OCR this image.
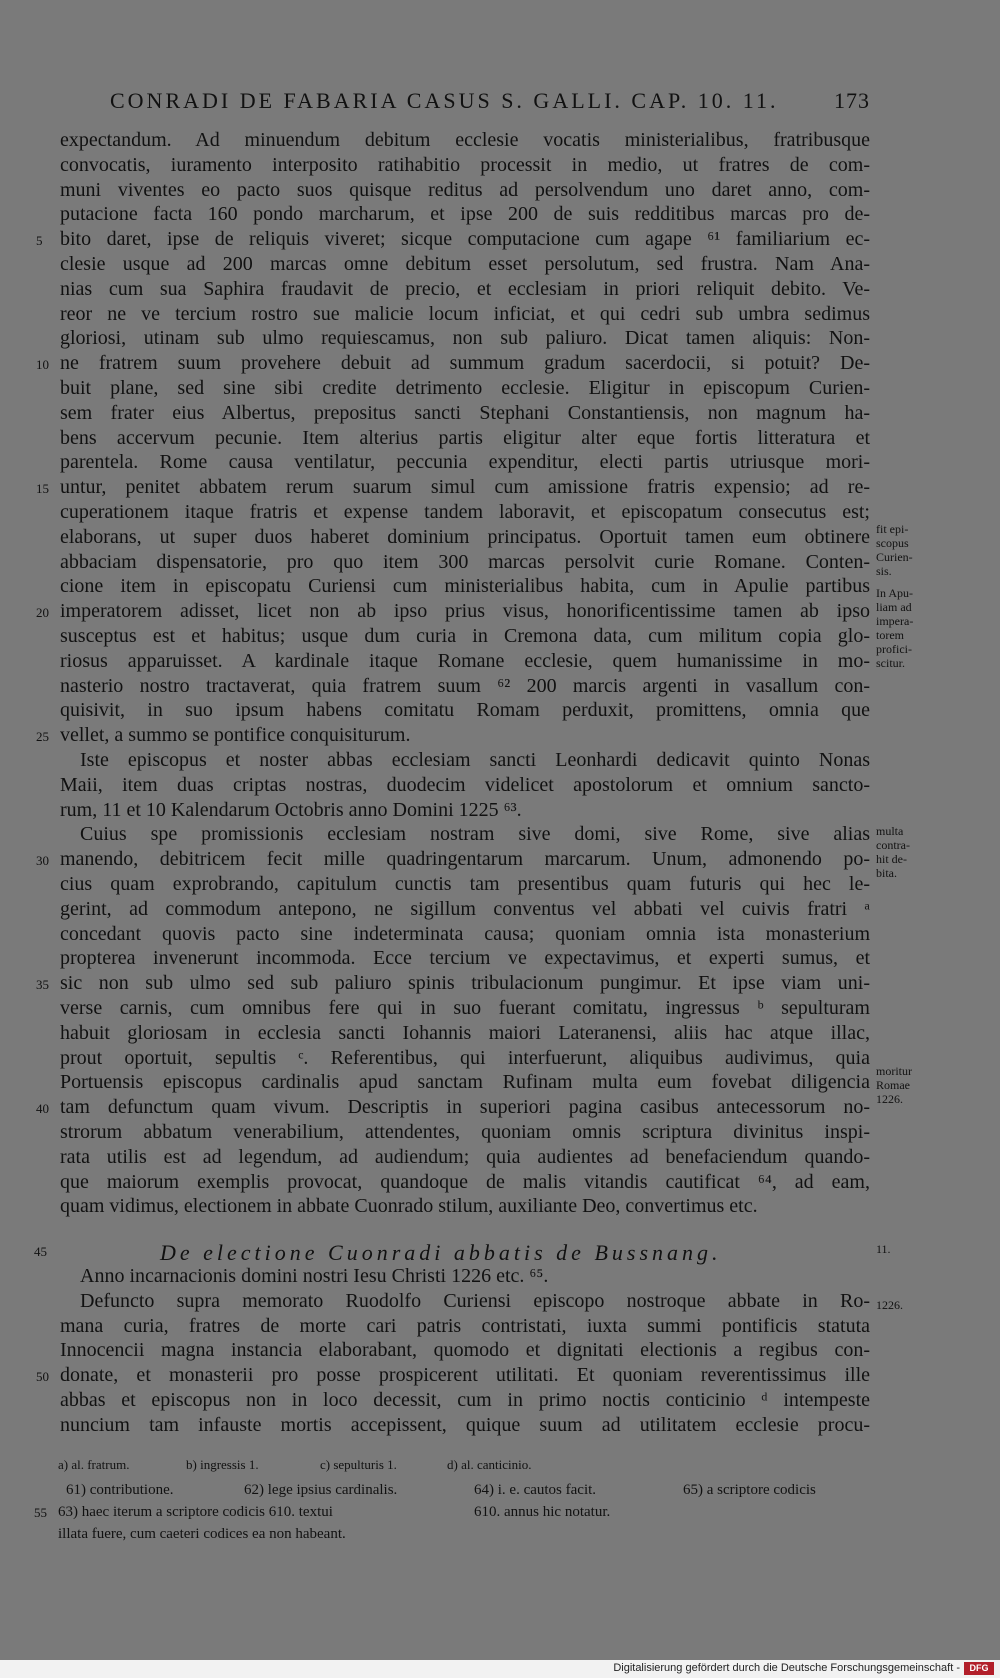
CONRADI DE FABARIA CASUS S. GALLI. CAP. 10. 11.	173
expectandum. Ad minuendum debitum ecclesie vocatis ministerialibus, fratribusque
convocatis, iuramento interposito ratihabitio processit in medio, ut fratres de com-
muni viventes eo pacto suos quisque reditus ad persolvendum uno daret anno, com-
putacione facta 160 pondo marcharum, et ipse 200 de suis redditibus marcas pro de-
5 bito daret, ipse de reliquis viveret; sicque computacione cum agape ⁶¹ familiarium ec-
clesie usque ad 200 marcas omne debitum esset persolutum, sed frustra. Nam Ana-
nias cum sua Saphira fraudavit de precio, et ecclesiam in priori reliquit debito. Ve-
reor ne ve tercium rostro sue malicie locum inficiat, et qui cedri sub umbra sedimus
gloriosi, utinam sub ulmo requiescamus, non sub paliuro. Dicat tamen aliquis: Non-
10 ne fratrem suum provehere debuit ad summum gradum sacerdocii, si potuit? De-
buit plane, sed sine sibi credite detrimento ecclesie. Eligitur in episcopum Curien-
sem frater eius Albertus, prepositus sancti Stephani Constantiensis, non magnum ha-
bens accervum pecunie. Item alterius partis eligitur alter eque fortis litteratura et
parentela. Rome causa ventilatur, peccunia expenditur, electi partis utriusque mori-
15 untur, penitet abbatem rerum suarum simul cum amissione fratris expensio; ad re-
cuperationem itaque fratris et expense tandem laboravit, et episcopatum consecutus est;
elaborans, ut super duos haberet dominium principatus. Oportuit tamen eum obtinere
abbaciam dispensatorie, pro quo item 300 marcas persolvit curie Romane. Conten-
cione item in episcopatu Curiensi cum ministerialibus habita, cum in Apulie partibus
20 imperatorem adisset, licet non ab ipso prius visus, honorificentissime tamen ab ipso
susceptus est et habitus; usque dum curia in Cremona data, cum militum copia glo-
riosus apparuisset. A kardinale itaque Romane ecclesie, quem humanissime in mo-
nasterio nostro tractaverat, quia fratrem suum ⁶² 200 marcis argenti in vasallum con-
quisivit, in suo ipsum habens comitatu Romam perduxit, promittens, omnia que
25 vellet, a summo se pontifice conquisiturum.
Iste episcopus et noster abbas ecclesiam sancti Leonhardi dedicavit quinto Nonas
Maii, item duas criptas nostras, duodecim videlicet apostolorum et omnium sancto-
rum, 11 et 10 Kalendarum Octobris anno Domini 1225 ⁶³.
Cuius spe promissionis ecclesiam nostram sive domi, sive Rome, sive alias
30 manendo, debitricem fecit mille quadringentarum marcarum. Unum, admonendo po-
cius quam exprobrando, capitulum cunctis tam presentibus quam futuris qui hec le-
gerint, ad commodum antepono, ne sigillum conventus vel abbati vel cuivis fratri ᵃ
concedant quovis pacto sine indeterminata causa; quoniam omnia ista monasterium
propterea invenerunt incommoda. Ecce tercium ve expectavimus, et experti sumus, et
35 sic non sub ulmo sed sub paliuro spinis tribulacionum pungimur. Et ipse viam uni-
verse carnis, cum omnibus fere qui in suo fuerant comitatu, ingressus ᵇ sepulturam
habuit gloriosam in ecclesia sancti Iohannis maiori Lateranensi, aliis hac atque illac,
prout oportuit, sepultis ᶜ. Referentibus, qui interfuerunt, aliquibus audivimus, quia
Portuensis episcopus cardinalis apud sanctam Rufinam multa eum fovebat diligencia
40 tam defunctum quam vivum. Descriptis in superiori pagina casibus antecessorum no-
strorum abbatum venerabilium, attendentes, quoniam omnis scriptura divinitus inspi-
rata utilis est ad legendum, ad audiendum; quia audientes ad benefaciendum quando-
que maiorum exemplis provocat, quandoque de malis vitandis cautificat ⁶⁴, ad eam,
quam vidimus, electionem in abbate Cuonrado stilum, auxiliante Deo, convertimus etc.
45	De electione Cuonradi abbatis de Bussnang.
Anno incarnacionis domini nostri Iesu Christi 1226 etc. ⁶⁵.
Defuncto supra memorato Ruodolfo Curiensi episcopo nostroque abbate in Ro-
mana curia, fratres de morte cari patris contristati, iuxta summi pontificis statuta
Innocencii magna instancia elaborabant, quomodo et dignitati electionis a regibus con-
50 donate, et monasterii pro posse prospicerent utilitati. Et quoniam reverentissimus ille
abbas et episcopus non in loco decessit, cum in primo noctis conticinio ᵈ intempeste
nuncium tam infauste mortis accepissent, quique suum ad utilitatem ecclesie procu-
fit epi-
scopus
Curien-
sis.
In Apu-
liam ad
impera-
torem
profici-
scitur.
multa
contra-
hit de-
bita.
moritur
Romae
1226.
11.
1226.
a) al. fratrum.	b) ingressis 1.	c) sepulturis 1.	d) al. canticinio.
61) contributione.	62) lege ipsius cardinalis.	64) i. e. cautos facit.	65) a scriptore codicis
55 63) haec iterum a scriptore codicis 610. textui	610. annus hic notatur.
illata fuere, cum caeteri codices ea non habeant.
Digitalisierung gefördert durch die Deutsche Forschungsgemeinschaft -	DFG
